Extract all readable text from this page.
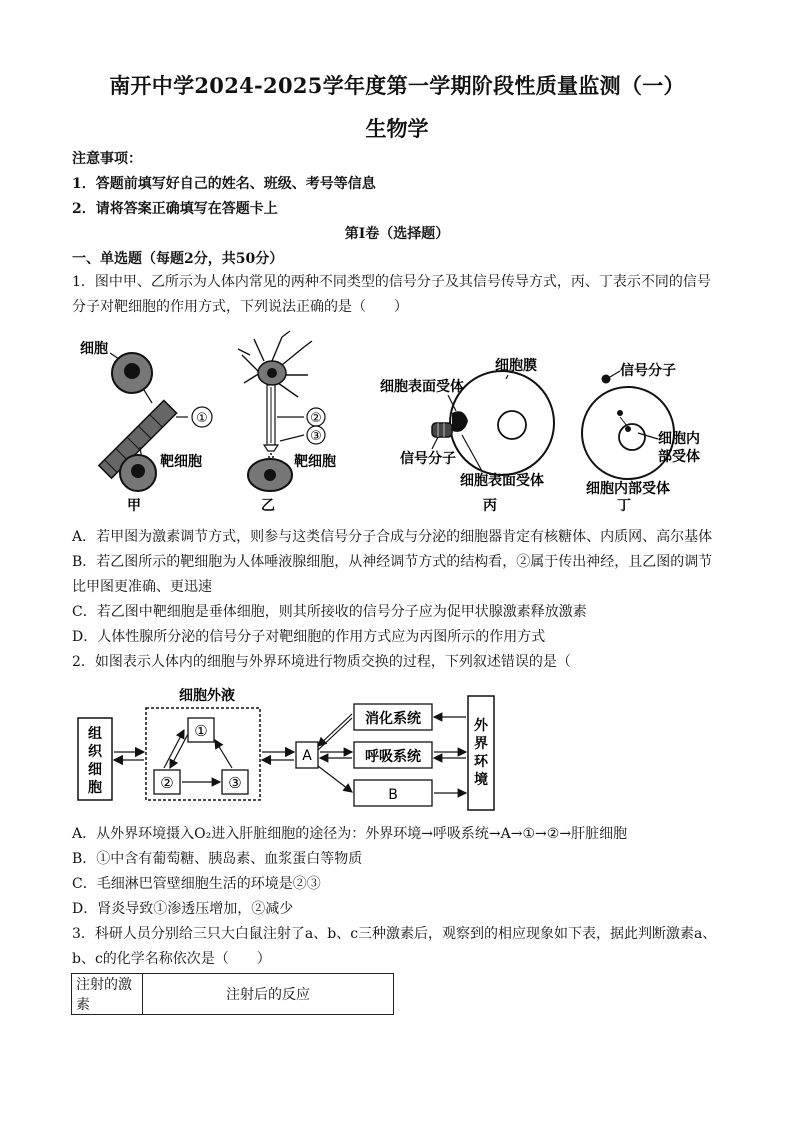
南开中学2024-2025学年度第一学期阶段性质量监测（一）
生物学
注意事项：
1．答题前填写好自己的姓名、班级、考号等信息
2．请将答案正确填写在答题卡上
第Ⅰ卷（选择题）
一、单选题（每题2分，共50分）
1．图中甲、乙所示为人体内常见的两种不同类型的信号分子及其信号传导方式，丙、丁表示不同的信号分子对靶细胞的作用方式，下列说法正确的是（　　）
细胞
①
靶细胞
甲
②
③
靶细胞
乙
细胞表面受体
细胞膜
信号分子
细胞表面受体
丙
信号分子
细胞内
部受体
细胞内部受体
丁
A．若甲图为激素调节方式，则参与这类信号分子合成与分泌的细胞器肯定有核糖体、内质网、高尔基体
B．若乙图所示的靶细胞为人体唾液腺细胞，从神经调节方式的结构看，②属于传出神经，且乙图的调节比甲图更准确、更迅速
C．若乙图中靶细胞是垂体细胞，则其所接收的信号分子应为促甲状腺激素释放激素
D．人体性腺所分泌的信号分子对靶细胞的作用方式应为丙图所示的作用方式
2．如图表示人体内的细胞与外界环境进行物质交换的过程，下列叙述错误的是（
组
织
细
胞
细胞外液
①
②	③
A
消化系统
呼吸系统
B
外
界
环
境
A．从外界环境摄入O₂进入肝脏细胞的途径为：外界环境→呼吸系统→A→①→②→肝脏细胞
B．①中含有葡萄糖、胰岛素、血浆蛋白等物质
C．毛细淋巴管壁细胞生活的环境是②③
D．肾炎导致①渗透压增加，②减少
3．科研人员分别给三只大白鼠注射了a、b、c三种激素后，观察到的相应现象如下表，据此判断激素a、b、c的化学名称依次是（　　）
注射的激素	注射后的反应
